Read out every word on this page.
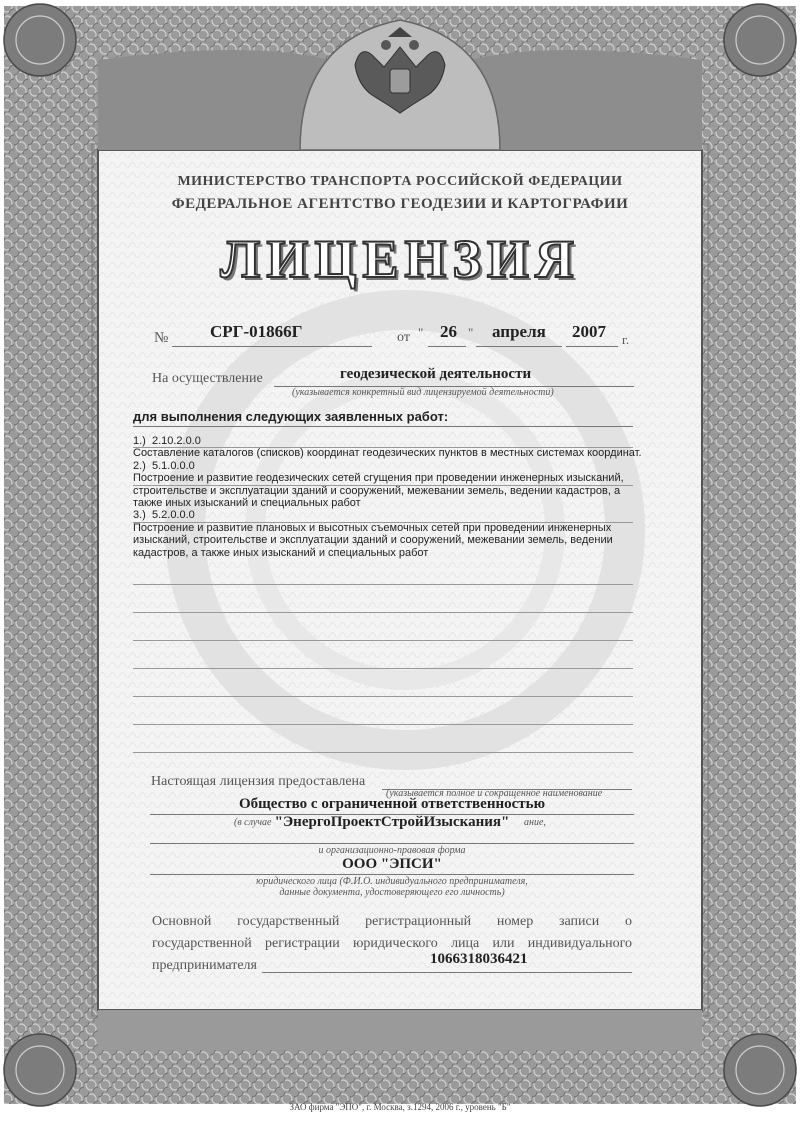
МИНИСТЕРСТВО ТРАНСПОРТА РОССИЙСКОЙ ФЕДЕРАЦИИ
ФЕДЕРАЛЬНОЕ АГЕНТСТВО ГЕОДЕЗИИ И КАРТОГРАФИИ
ЛИЦЕНЗИЯ
№ СРГ-01866Г	от " 26 " апреля 2007 г.
На осуществление	геодезической деятельности
(указывается конкретный вид лицензируемой деятельности)
для выполнения следующих заявленных работ:
1.) 2.10.2.0.0
Составление каталогов (списков) координат геодезических пунктов в местных системах координат.
2.) 5.1.0.0.0
Построение и развитие геодезических сетей сгущения при проведении инженерных изысканий,
строительстве и эксплуатации зданий и сооружений, межевании земель, ведении кадастров, а
также иных изысканий и специальных работ
3.) 5.2.0.0.0
Построение и развитие плановых и высотных съемочных сетей при проведении инженерных
изысканий, строительстве и эксплуатации зданий и сооружений, межевании земель, ведении
кадастров, а также иных изысканий и специальных работ
Настоящая лицензия предоставлена
(указывается полное и сокращенное наименование
Общество с ограниченной ответственностью
(в случае	ание,
"ЭнергоПроектСтройИзыскания"
и организационно-правовая форма
ООО "ЭПСИ"
юридического лица (Ф.И.О. индивидуального предпринимателя,
данные документа, удостоверяющего его личность)
Основной государственный регистрационный номер записи о
государственной регистрации юридического лица или индивидуального
предпринимателя	1066318036421
ЗАО фирма "ЭПО", г. Москва, з.1294, 2006 г., уровень "Б"
